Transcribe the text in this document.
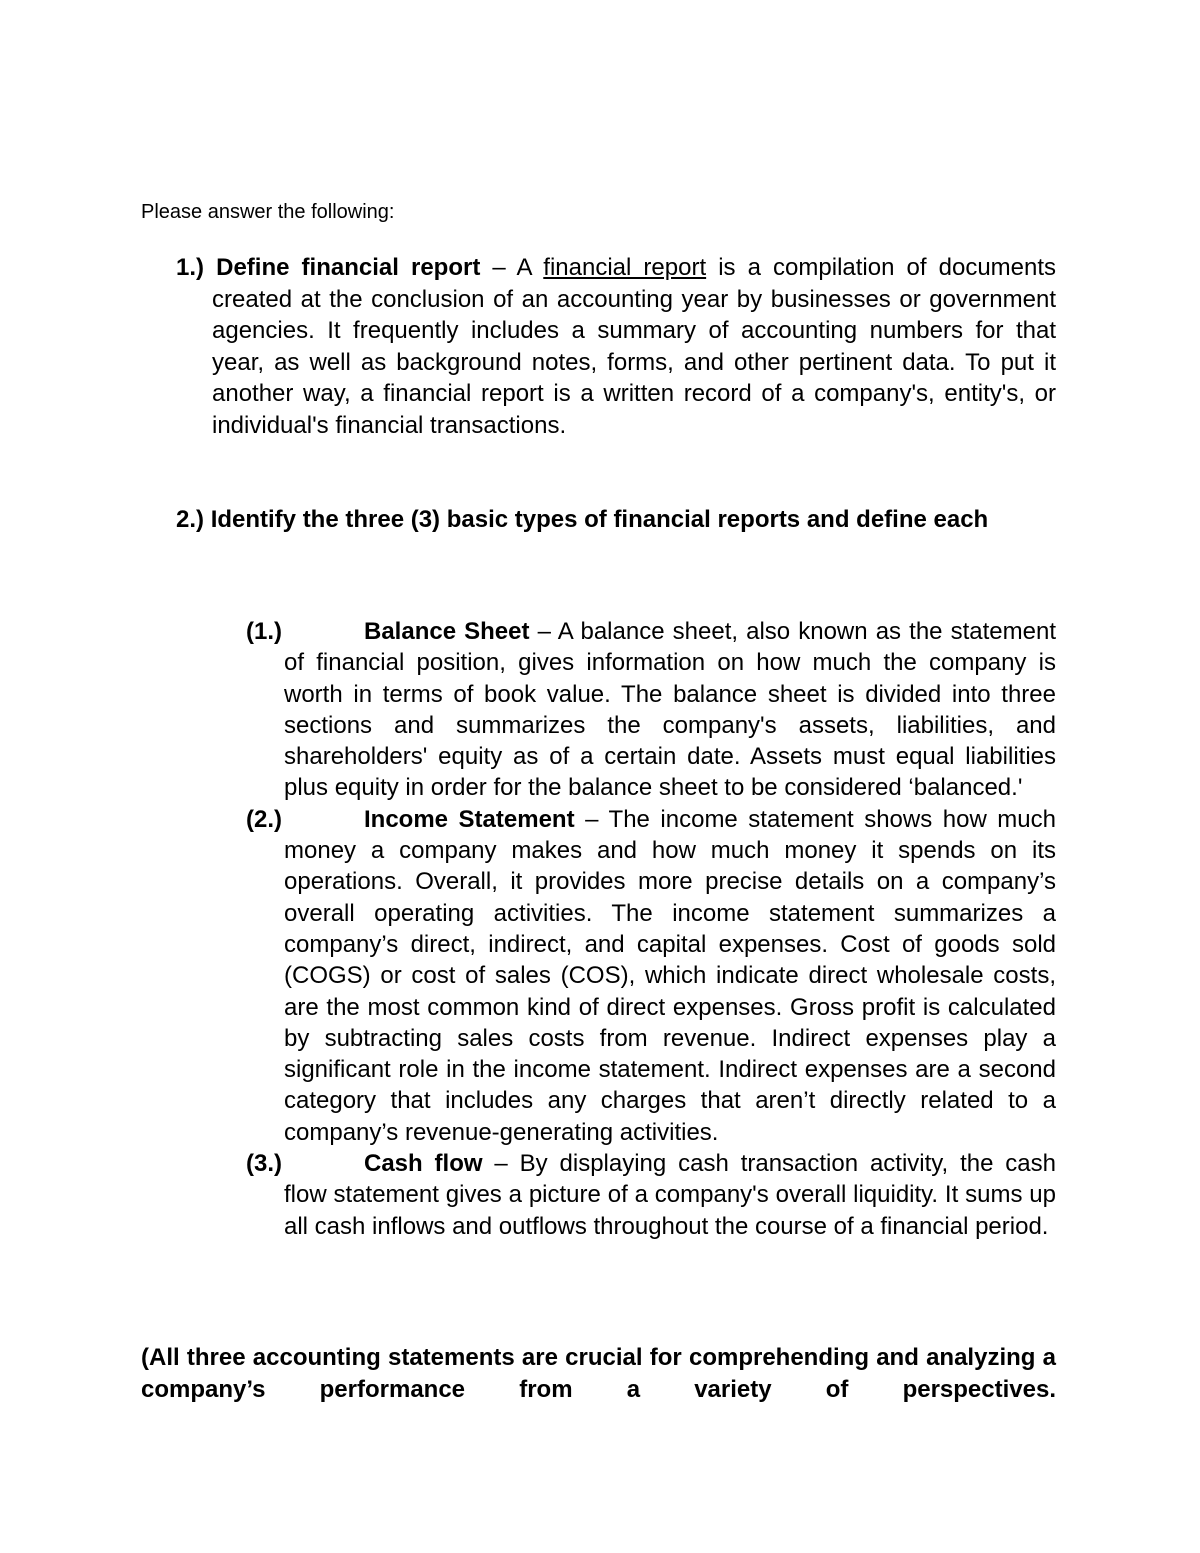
Please answer the following:

1.) Define financial report – A financial report is a compilation of documents created at the conclusion of an accounting year by businesses or government agencies. It frequently includes a summary of accounting numbers for that year, as well as background notes, forms, and other pertinent data. To put it another way, a financial report is a written record of a company's, entity's, or individual's financial transactions.

2.) Identify the three (3) basic types of financial reports and define each

(1.)	Balance Sheet – A balance sheet, also known as the statement of financial position, gives information on how much the company is worth in terms of book value. The balance sheet is divided into three sections and summarizes the company's assets, liabilities, and shareholders' equity as of a certain date. Assets must equal liabilities plus equity in order for the balance sheet to be considered ‘balanced.'

(2.)	Income Statement – The income statement shows how much money a company makes and how much money it spends on its operations. Overall, it provides more precise details on a company’s overall operating activities. The income statement summarizes a company’s direct, indirect, and capital expenses. Cost of goods sold (COGS) or cost of sales (COS), which indicate direct wholesale costs, are the most common kind of direct expenses. Gross profit is calculated by subtracting sales costs from revenue. Indirect expenses play a significant role in the income statement. Indirect expenses are a second category that includes any charges that aren’t directly related to a company’s revenue-generating activities.

(3.)	Cash flow – By displaying cash transaction activity, the cash flow statement gives a picture of a company's overall liquidity. It sums up all cash inflows and outflows throughout the course of a financial period.

(All three accounting statements are crucial for comprehending and analyzing a company’s performance from a variety of perspectives.
